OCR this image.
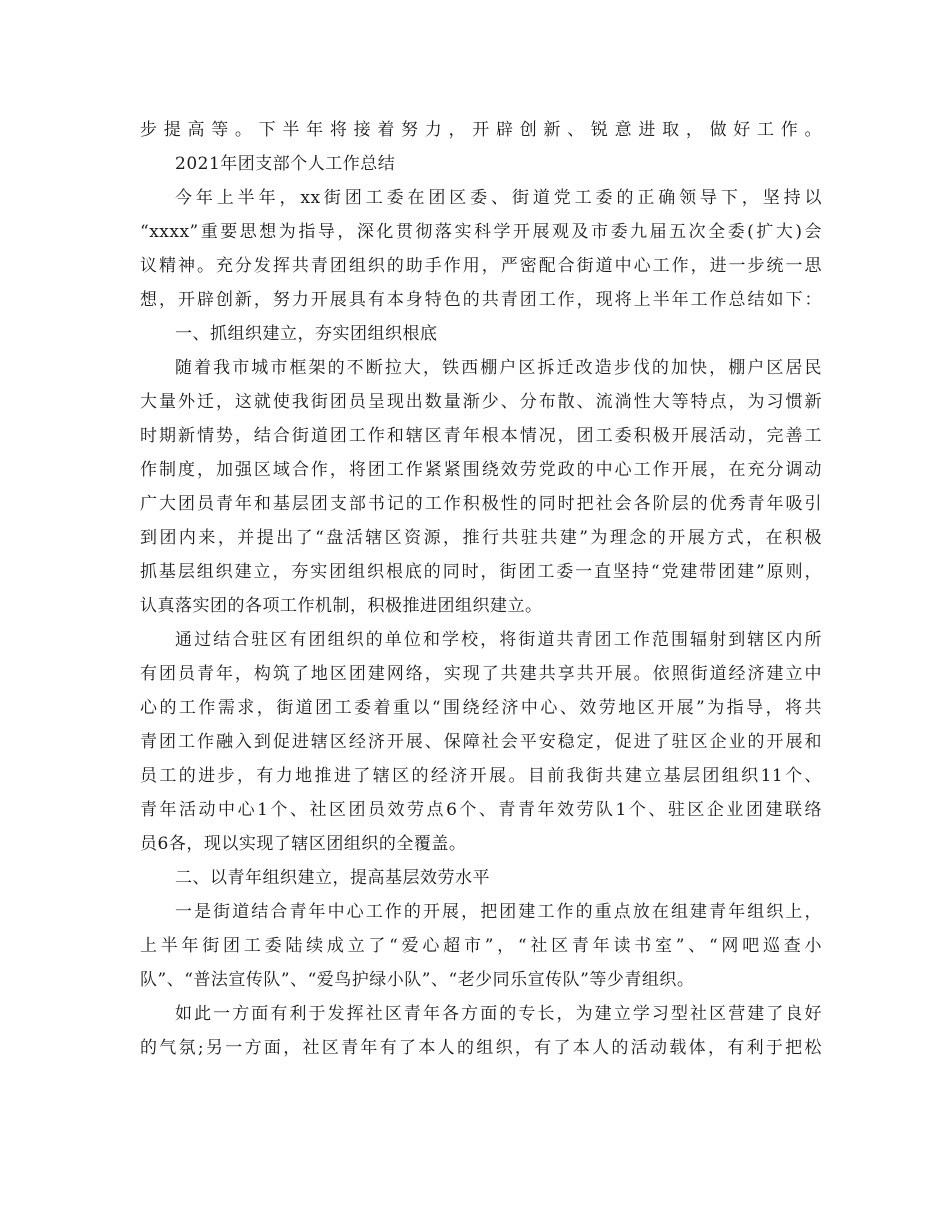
步提高等。下半年将接着努力，开辟创新、锐意进取，做好工作。
2021年团支部个人工作总结
今年上半年，xx街团工委在团区委、街道党工委的正确领导下，坚持以
“xxxx”重要思想为指导，深化贯彻落实科学开展观及市委九届五次全委(扩大)会
议精神。充分发挥共青团组织的助手作用，严密配合街道中心工作，进一步统一思
想，开辟创新，努力开展具有本身特色的共青团工作，现将上半年工作总结如下：
一、抓组织建立，夯实团组织根底
随着我市城市框架的不断拉大，铁西棚户区拆迁改造步伐的加快，棚户区居民
大量外迁，这就使我街团员呈现出数量渐少、分布散、流淌性大等特点，为习惯新
时期新情势，结合街道团工作和辖区青年根本情况，团工委积极开展活动，完善工
作制度，加强区域合作，将团工作紧紧围绕效劳党政的中心工作开展，在充分调动
广大团员青年和基层团支部书记的工作积极性的同时把社会各阶层的优秀青年吸引
到团内来，并提出了“盘活辖区资源，推行共驻共建”为理念的开展方式，在积极
抓基层组织建立，夯实团组织根底的同时，街团工委一直坚持“党建带团建”原则，
认真落实团的各项工作机制，积极推进团组织建立。
通过结合驻区有团组织的单位和学校，将街道共青团工作范围辐射到辖区内所
有团员青年，构筑了地区团建网络，实现了共建共享共开展。依照街道经济建立中
心的工作需求，街道团工委着重以“围绕经济中心、效劳地区开展”为指导，将共
青团工作融入到促进辖区经济开展、保障社会平安稳定，促进了驻区企业的开展和
员工的进步，有力地推进了辖区的经济开展。目前我街共建立基层团组织11个、
青年活动中心1个、社区团员效劳点6个、青青年效劳队1个、驻区企业团建联络
员6各，现以实现了辖区团组织的全覆盖。
二、以青年组织建立，提高基层效劳水平
一是街道结合青年中心工作的开展，把团建工作的重点放在组建青年组织上，
上半年街团工委陆续成立了“爱心超市”，“社区青年读书室”、“网吧巡查小
队”、“普法宣传队”、“爱鸟护绿小队”、“老少同乐宣传队”等少青组织。
如此一方面有利于发挥社区青年各方面的专长，为建立学习型社区营建了良好
的气氛;另一方面，社区青年有了本人的组织，有了本人的活动载体，有利于把松
